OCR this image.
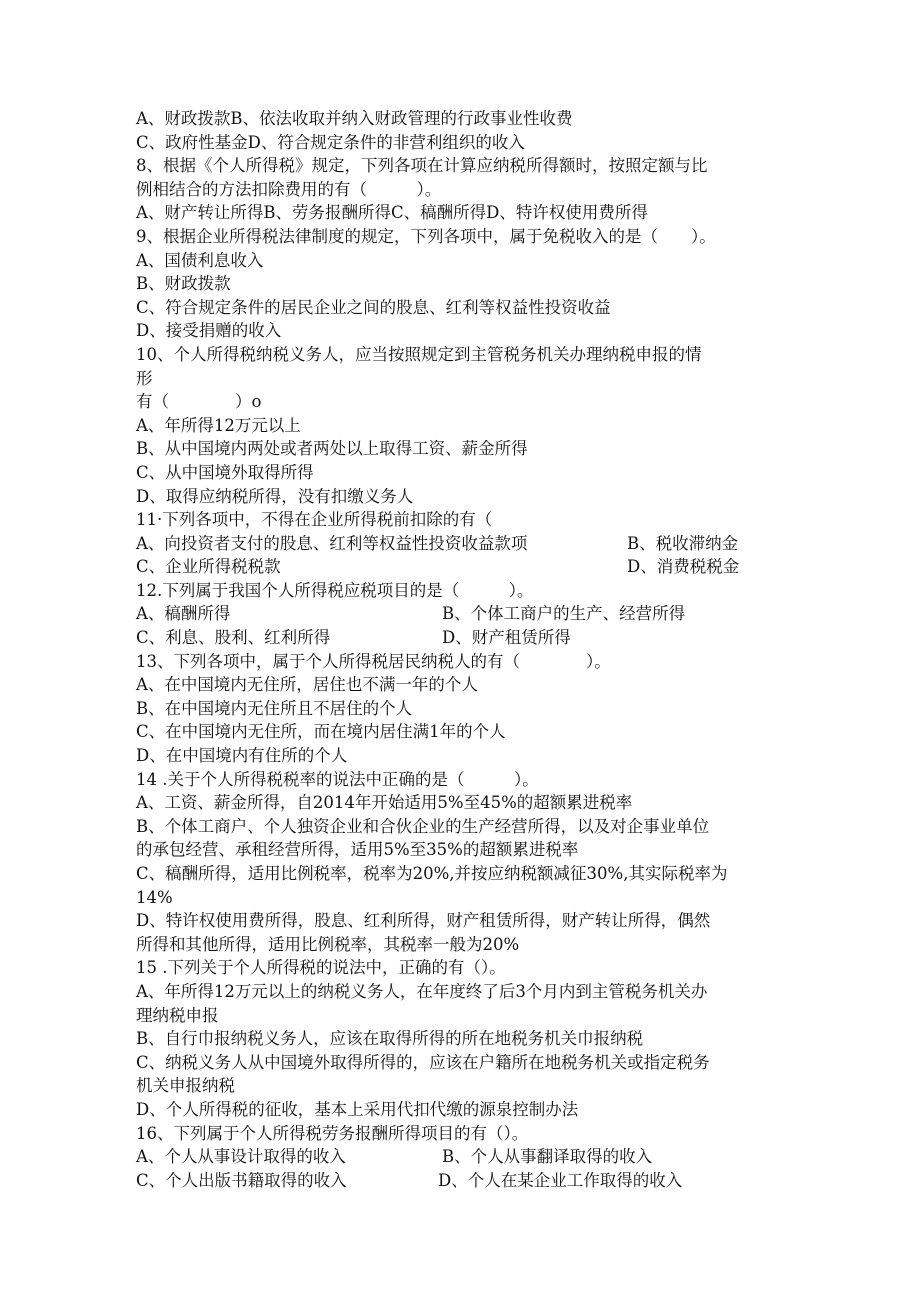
A、财政拨款B、依法收取并纳入财政管理的行政事业性收费
C、政府性基金D、符合规定条件的非营利组织的收入
8、根据《个人所得税》规定，下列各项在计算应纳税所得额时，按照定额与比
例相结合的方法扣除费用的有（　　　）。
A、财产转让所得B、劳务报酬所得C、稿酬所得D、特许权使用费所得
9、根据企业所得税法律制度的规定，下列各项中，属于免税收入的是（　　）。
A、国债利息收入
B、财政拨款
C、符合规定条件的居民企业之间的股息、红利等权益性投资收益
D、接受捐赠的收入
10、个人所得税纳税义务人，应当按照规定到主管税务机关办理纳税申报的情
形
有（　　　　）o
A、年所得12万元以上
B、从中国境内两处或者两处以上取得工资、薪金所得
C、从中国境外取得所得
D、取得应纳税所得，没有扣缴义务人
11·下列各项中，不得在企业所得税前扣除的有（
A、向投资者支付的股息、红利等权益性投资收益款项	B、税收滞纳金
C、企业所得税税款	D、消费税税金
12.下列属于我国个人所得税应税项目的是（　　　）。
A、稿酬所得	B、个体工商户的生产、经营所得
C、利息、股利、红利所得	D、财产租赁所得
13、下列各项中，属于个人所得税居民纳税人的有（　　　　）。
A、在中国境内无住所，居住也不满一年的个人
B、在中国境内无住所且不居住的个人
C、在中国境内无住所，而在境内居住满1年的个人
D、在中国境内有住所的个人
14 .关于个人所得税税率的说法中正确的是（　　　）。
A、工资、薪金所得，自2014年开始适用5%至45%的超额累进税率
B、个体工商户、个人独资企业和合伙企业的生产经营所得，以及对企事业单位
的承包经营、承租经营所得，适用5%至35%的超额累进税率
C、稿酬所得，适用比例税率，税率为20%,并按应纳税额减征30%,其实际税率为
14%
D、特许权使用费所得，股息、红利所得，财产租赁所得，财产转让所得，偶然
所得和其他所得，适用比例税率，其税率一般为20%
15 .下列关于个人所得税的说法中，正确的有（）。
A、年所得12万元以上的纳税义务人，在年度终了后3个月内到主管税务机关办
理纳税申报
B、自行巾报纳税义务人，应该在取得所得的所在地税务机关巾报纳税
C、纳税义务人从中国境外取得所得的，应该在户籍所在地税务机关或指定税务
机关申报纳税
D、个人所得税的征收，基本上采用代扣代缴的源泉控制办法
16、下列属于个人所得税劳务报酬所得项目的有（）。
A、个人从事设计取得的收入	B、个人从事翻译取得的收入
C、个人出版书籍取得的收入	D、个人在某企业工作取得的收入
